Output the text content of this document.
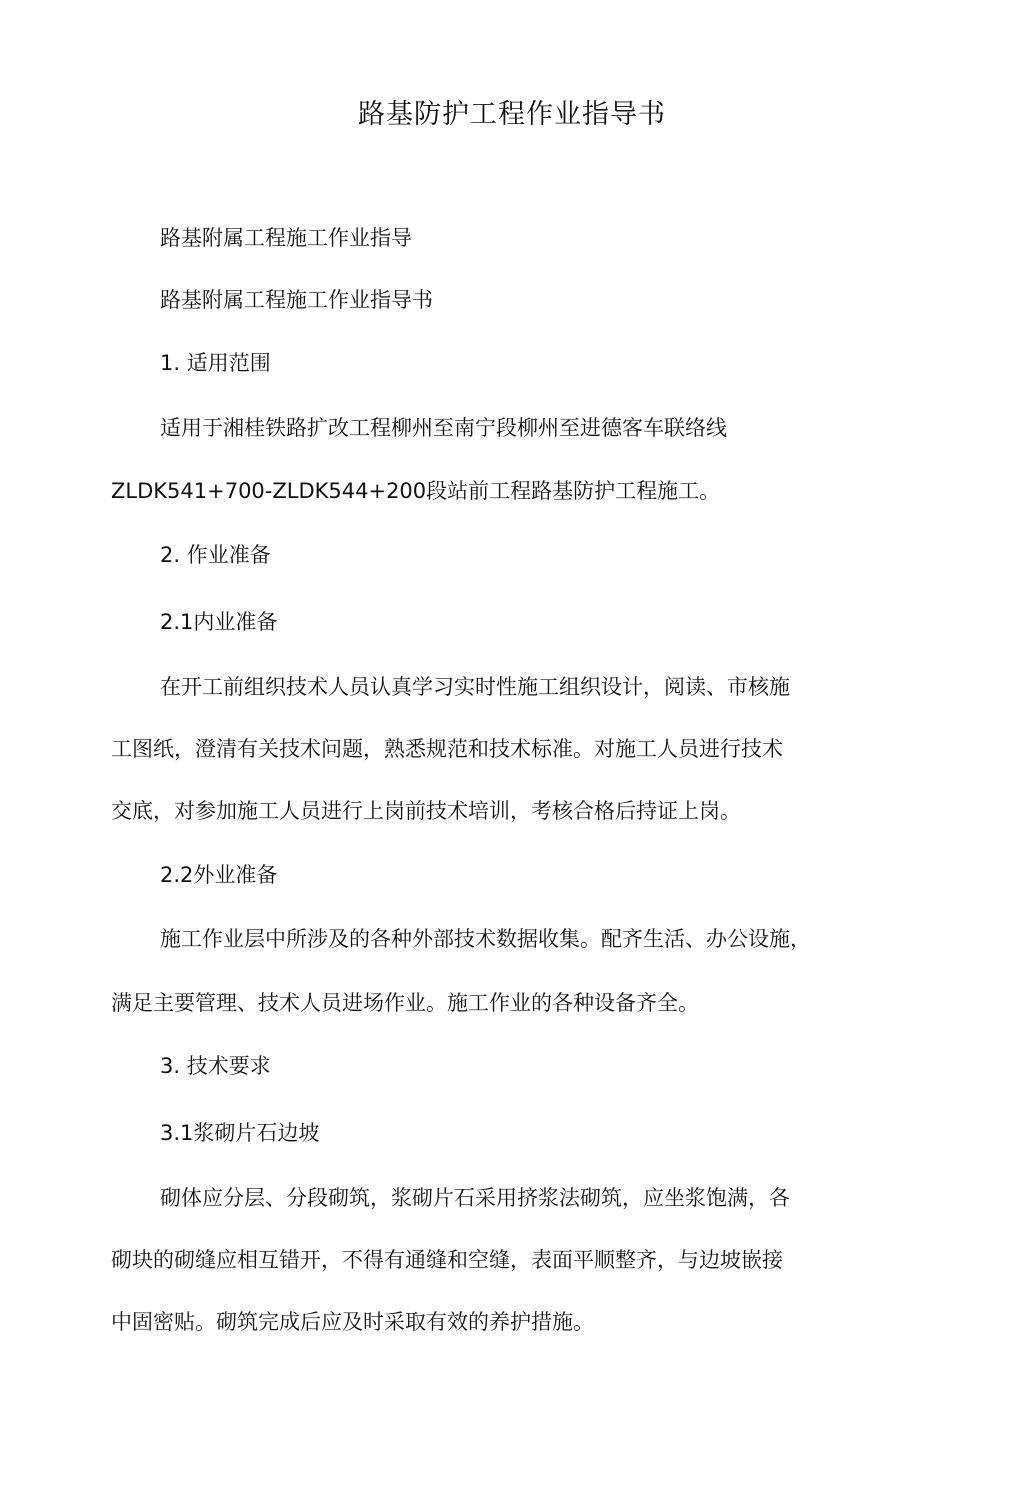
路基防护工程作业指导书

路基附属工程施工作业指导

路基附属工程施工作业指导书

1. 适用范围

适用于湘桂铁路扩改工程柳州至南宁段柳州至进德客车联络线

ZLDK541+700-ZLDK544+200段站前工程路基防护工程施工。

2. 作业准备

2.1内业准备

在开工前组织技术人员认真学习实时性施工组织设计，阅读、市核施

工图纸，澄清有关技术问题，熟悉规范和技术标准。对施工人员进行技术

交底，对参加施工人员进行上岗前技术培训，考核合格后持证上岗。

2.2外业准备

施工作业层中所涉及的各种外部技术数据收集。配齐生活、办公设施，

满足主要管理、技术人员进场作业。施工作业的各种设备齐全。

3. 技术要求

3.1浆砌片石边坡

砌体应分层、分段砌筑，浆砌片石采用挤浆法砌筑，应坐浆饱满，各

砌块的砌缝应相互错开，不得有通缝和空缝，表面平顺整齐，与边坡嵌接

中固密贴。砌筑完成后应及时采取有效的养护措施。
